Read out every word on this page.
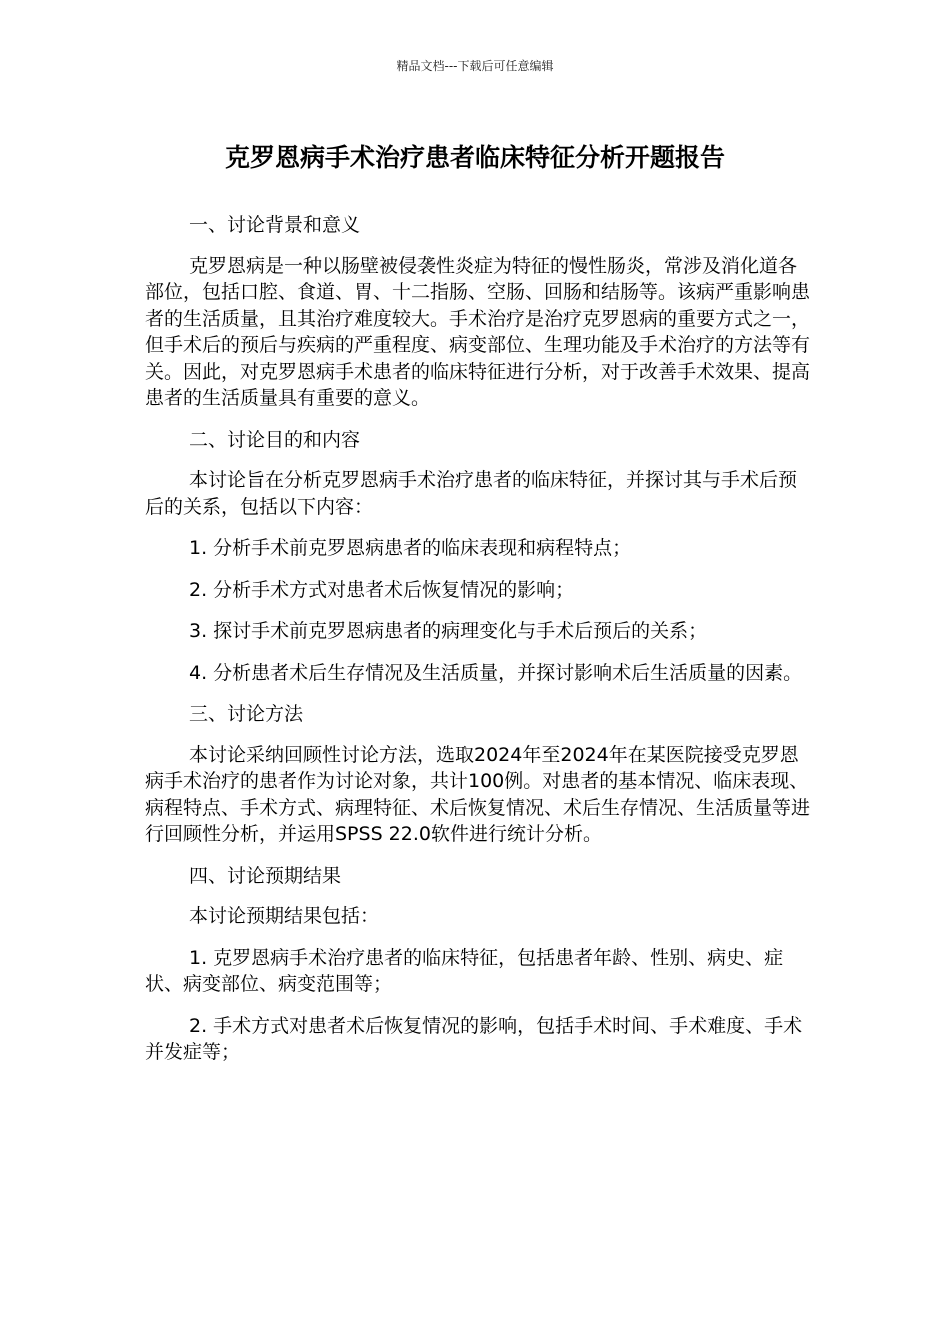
精品文档---下载后可任意编辑
克罗恩病手术治疗患者临床特征分析开题报告

一、讨论背景和意义

克罗恩病是一种以肠壁被侵袭性炎症为特征的慢性肠炎，常涉及消化道各部位，包括口腔、食道、胃、十二指肠、空肠、回肠和结肠等。该病严重影响患者的生活质量，且其治疗难度较大。手术治疗是治疗克罗恩病的重要方式之一，但手术后的预后与疾病的严重程度、病变部位、生理功能及手术治疗的方法等有关。因此，对克罗恩病手术患者的临床特征进行分析，对于改善手术效果、提高患者的生活质量具有重要的意义。

二、讨论目的和内容

本讨论旨在分析克罗恩病手术治疗患者的临床特征，并探讨其与手术后预后的关系，包括以下内容：

1. 分析手术前克罗恩病患者的临床表现和病程特点；

2. 分析手术方式对患者术后恢复情况的影响；

3. 探讨手术前克罗恩病患者的病理变化与手术后预后的关系；

4. 分析患者术后生存情况及生活质量，并探讨影响术后生活质量的因素。

三、讨论方法

本讨论采纳回顾性讨论方法，选取2024年至2024年在某医院接受克罗恩病手术治疗的患者作为讨论对象，共计100例。对患者的基本情况、临床表现、病程特点、手术方式、病理特征、术后恢复情况、术后生存情况、生活质量等进行回顾性分析，并运用SPSS 22.0软件进行统计分析。

四、讨论预期结果

本讨论预期结果包括：

1. 克罗恩病手术治疗患者的临床特征，包括患者年龄、性别、病史、症状、病变部位、病变范围等；

2. 手术方式对患者术后恢复情况的影响，包括手术时间、手术难度、手术并发症等；
